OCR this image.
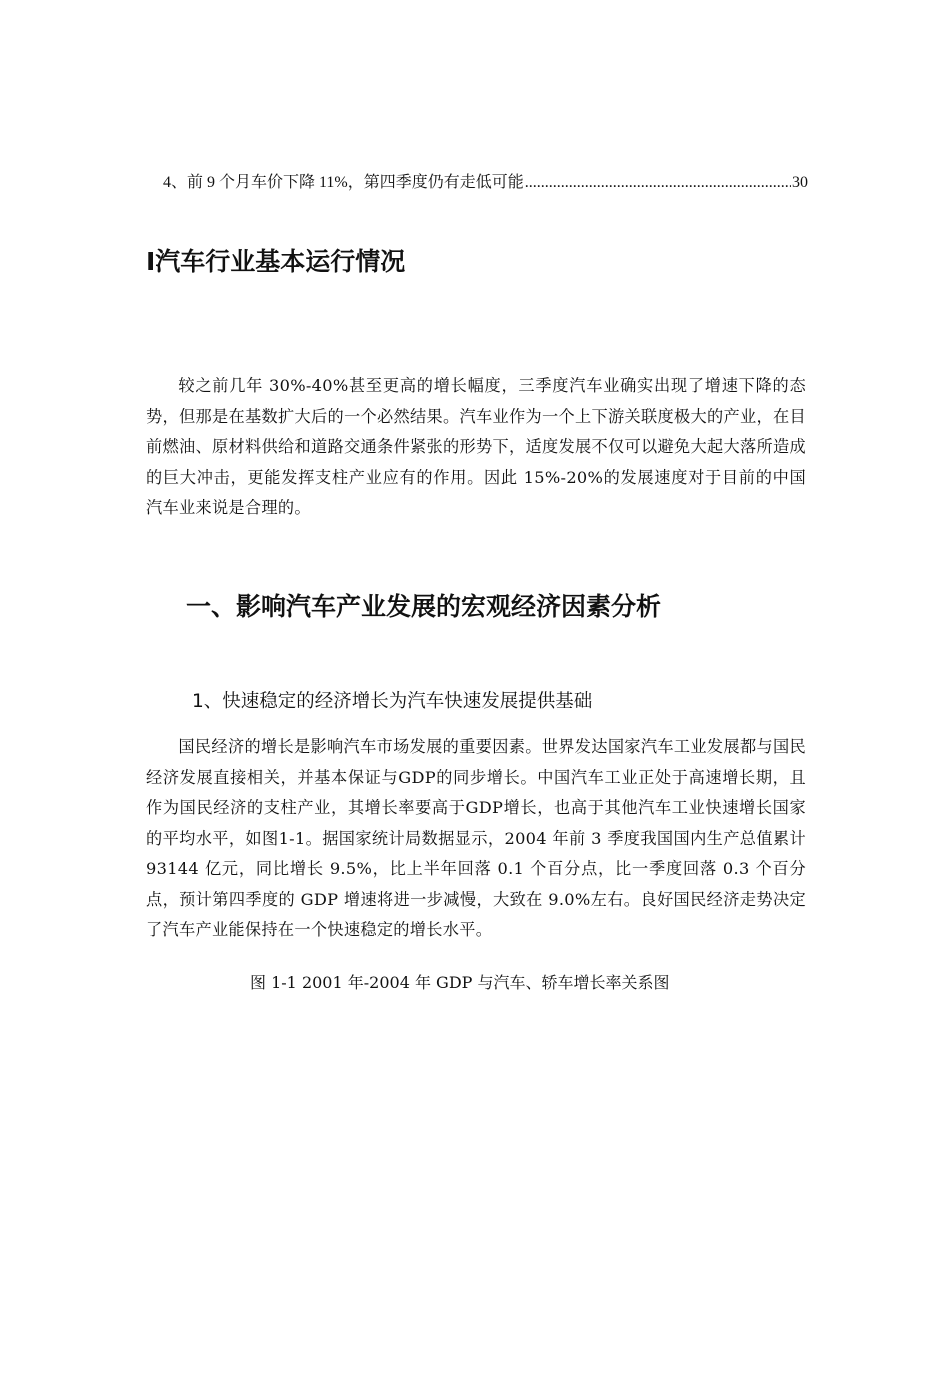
4、前 9 个月车价下降 11%，第四季度仍有走低可能
.....	30
Ⅰ汽车行业基本运行情况

较之前几年 30%-40%甚至更高的增长幅度，三季度汽车业确实出现了增速下降的态势，但那是在基数扩大后的一个必然结果。汽车业作为一个上下游关联度极大的产业，在目前燃油、原材料供给和道路交通条件紧张的形势下，适度发展不仅可以避免大起大落所造成的巨大冲击，更能发挥支柱产业应有的作用。因此 15%-20%的发展速度对于目前的中国汽车业来说是合理的。

一、影响汽车产业发展的宏观经济因素分析
1、快速稳定的经济增长为汽车快速发展提供基础

国民经济的增长是影响汽车市场发展的重要因素。世界发达国家汽车工业发展都与国民经济发展直接相关，并基本保证与GDP的同步增长。中国汽车工业正处于高速增长期，且作为国民经济的支柱产业，其增长率要高于GDP增长，也高于其他汽车工业快速增长国家的平均水平，如图1-1。据国家统计局数据显示，2004 年前 3 季度我国国内生产总值累计 93144 亿元，同比增长 9.5%，比上半年回落 0.1 个百分点，比一季度回落 0.3 个百分点，预计第四季度的 GDP 增速将进一步减慢，大致在 9.0%左右。良好国民经济走势决定了汽车产业能保持在一个快速稳定的增长水平。

图 1-1 2001 年-2004 年 GDP 与汽车、轿车增长率关系图
